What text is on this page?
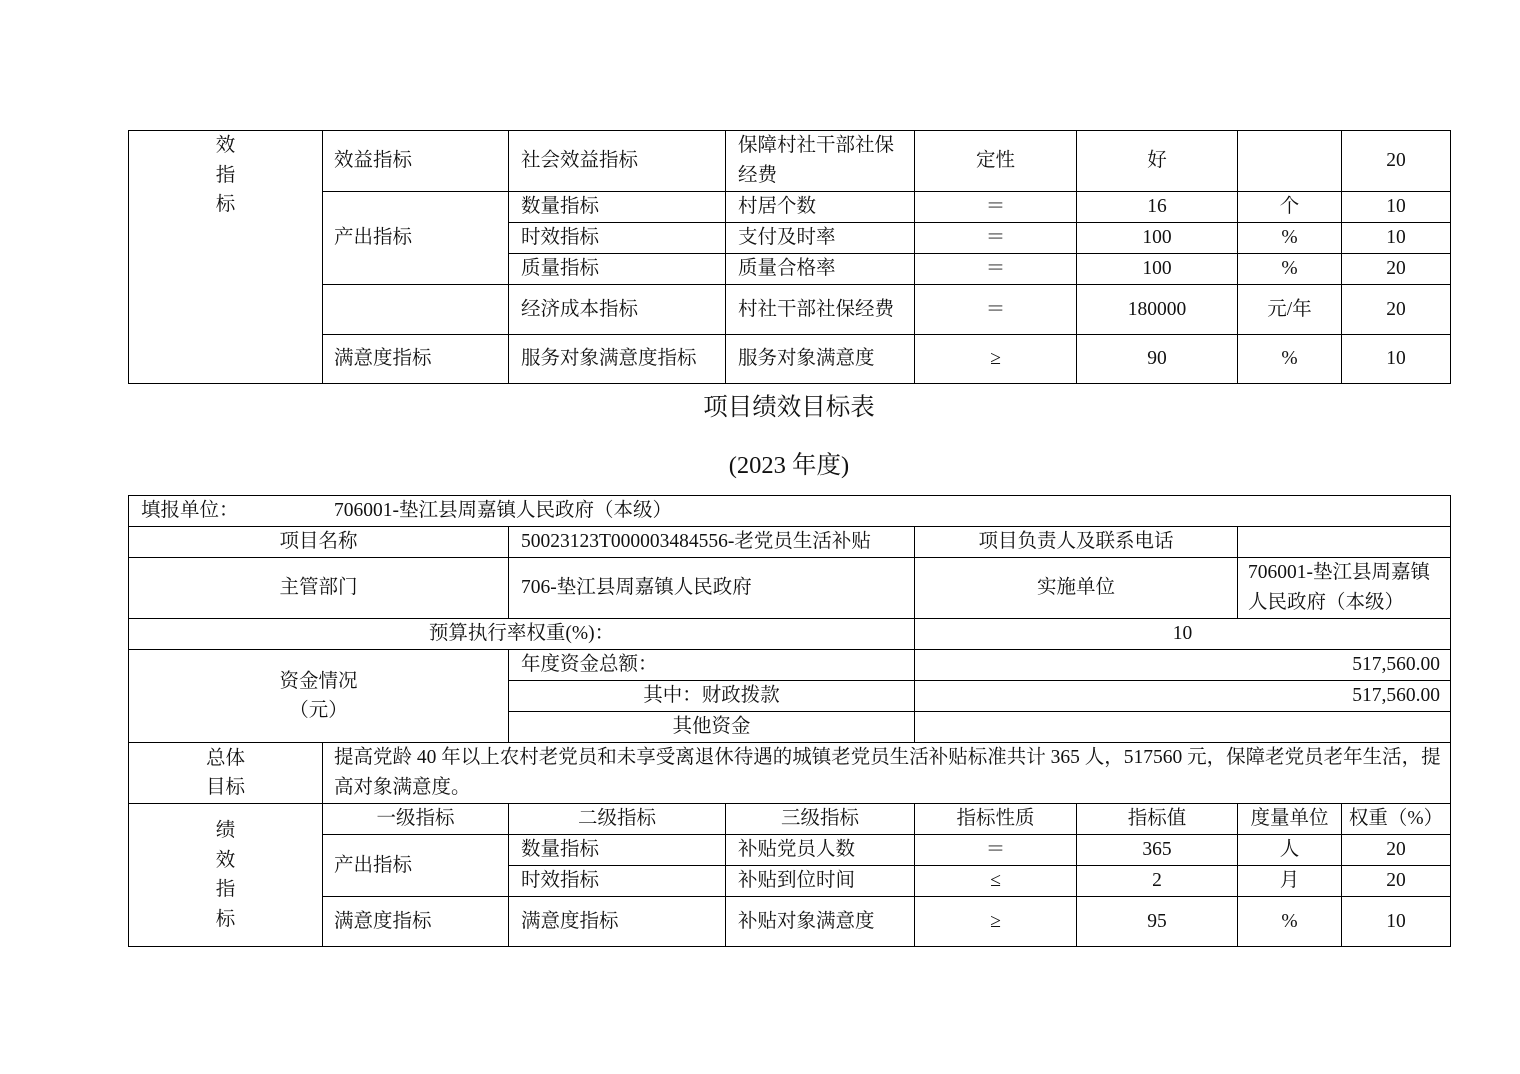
效
指
标	效益指标	社会效益指标	保障村社干部社保经费	定性	好		20
	产出指标	数量指标	村居个数	＝	16	个	10
		时效指标	支付及时率	＝	100	%	10
		质量指标	质量合格率	＝	100	%	20
		经济成本指标	村社干部社保经费	＝	180000	元/年	20
	满意度指标	服务对象满意度指标	服务对象满意度	≥	90	%	10
项目绩效目标表
(2023 年度)
填报单位： 706001-垫江县周嘉镇人民政府（本级）							
项目名称		50023123T000003484556-老党员生活补贴		项目负责人及联系电话			
主管部门		706-垫江县周嘉镇人民政府		实施单位		706001-垫江县周嘉镇人民政府（本级）	
预算执行率权重(%)：				10			

资金情况
（元）		年度资金总额：		517,560.00			
		其中：财政拨款		517,560.00			
		其他资金					

总体
目标	提高党龄 40 年以上农村老党员和未享受离退休待遇的城镇老党员生活补贴标准共计 365 人，517560 元，保障老党员老年生活，提高对象满意度。						

绩
效
指
标	一级指标	二级指标	三级指标	指标性质	指标值	度量单位	权重（%）
	产出指标	数量指标	补贴党员人数	＝	365	人	20
		时效指标	补贴到位时间	≤	2	月	20
	满意度指标	满意度指标	补贴对象满意度	≥	95	%	10
